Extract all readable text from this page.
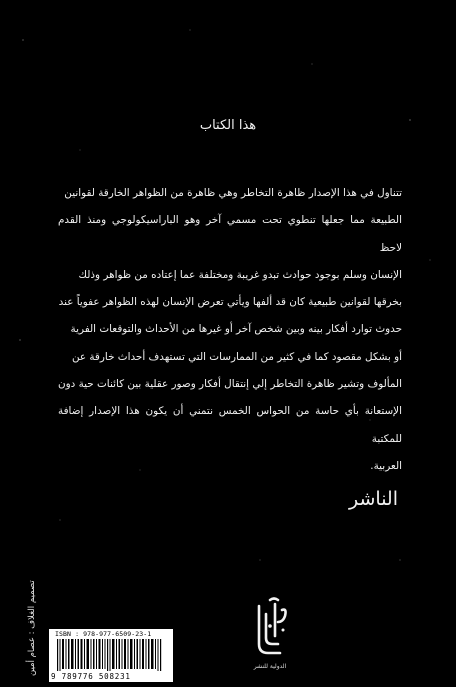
هذا الكتاب
تتناول في هذا الإصدار ظاهرة التخاطر وهي ظاهرة من الظواهر الخارقة لقوانين
الطبيعة مما جعلها تنطوي تحت مسمي آخر وهو الباراسيكولوجي ومنذ القدم لاحظ
الإنسان وسلم بوجود حوادث تبدو غريبة ومختلفة عما إعتاده من ظواهر وذلك
بخرقها لقوانين طبيعية كان قد ألفها ويأتي تعرض الإنسان لهذه الظواهر عفوياً عند
حدوث توارد أفكار بينه وبين شخص آخر أو غيرها من الأحداث والتوقعات الفرية
أو بشكل مقصود كما في كثير من الممارسات التي تستهدف أحداث خارقة عن
المألوف وتشير ظاهرة التخاطر إلي إنتقال أفكار وصور عقلية بين كائنات حية دون
الإستعانة بأي حاسة من الحواس الخمس نتمني أن يكون هذا الإصدار إضافة للمكتبة
العربية.
الناشر
تصميم الغلاف : عصام أمين	ISBN : 978-977-6509-23-1
9 789776 508231
الدولية للنشر
